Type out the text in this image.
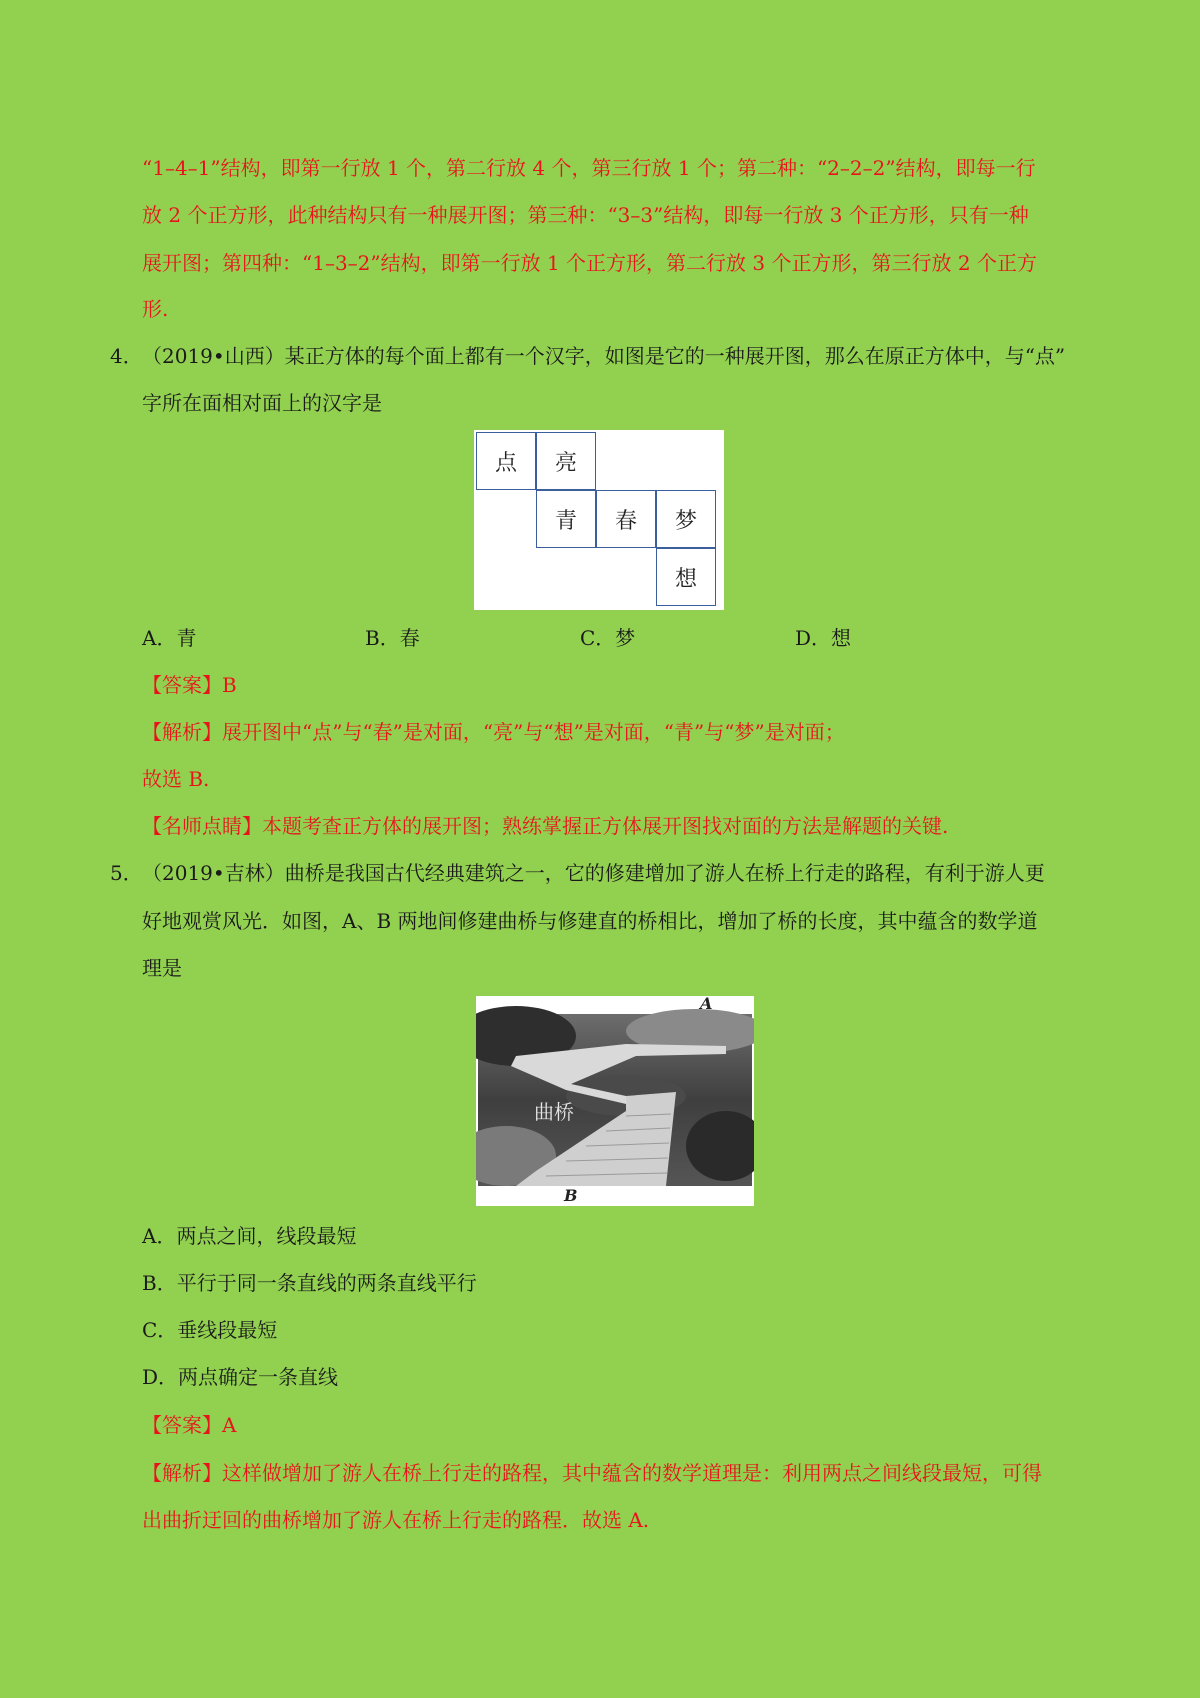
“1–4–1”结构，即第一行放 1 个，第二行放 4 个，第三行放 1 个；第二种：“2–2–2”结构，即每一行
放 2 个正方形，此种结构只有一种展开图；第三种：“3–3”结构，即每一行放 3 个正方形，只有一种
展开图；第四种：“1–3–2”结构，即第一行放 1 个正方形，第二行放 3 个正方形，第三行放 2 个正方
形.
4． （2019•山西）某正方体的每个面上都有一个汉字，如图是它的一种展开图，那么在原正方体中，与“点”
字所在面相对面上的汉字是
点	亮
青	春	梦
想
A．青	B．春	C．梦	D．想
【答案】B
【解析】展开图中“点”与“春”是对面，“亮”与“想”是对面，“青”与“梦”是对面；
故选 B.
【名师点睛】本题考查正方体的展开图；熟练掌握正方体展开图找对面的方法是解题的关键.
5． （2019•吉林）曲桥是我国古代经典建筑之一，它的修建增加了游人在桥上行走的路程，有利于游人更
好地观赏风光．如图，A、B 两地间修建曲桥与修建直的桥相比，增加了桥的长度，其中蕴含的数学道
理是
A
B
曲桥
A．两点之间，线段最短
B．平行于同一条直线的两条直线平行
C．垂线段最短
D．两点确定一条直线
【答案】A
【解析】这样做增加了游人在桥上行走的路程，其中蕴含的数学道理是：利用两点之间线段最短，可得
出曲折迂回的曲桥增加了游人在桥上行走的路程．故选 A.
